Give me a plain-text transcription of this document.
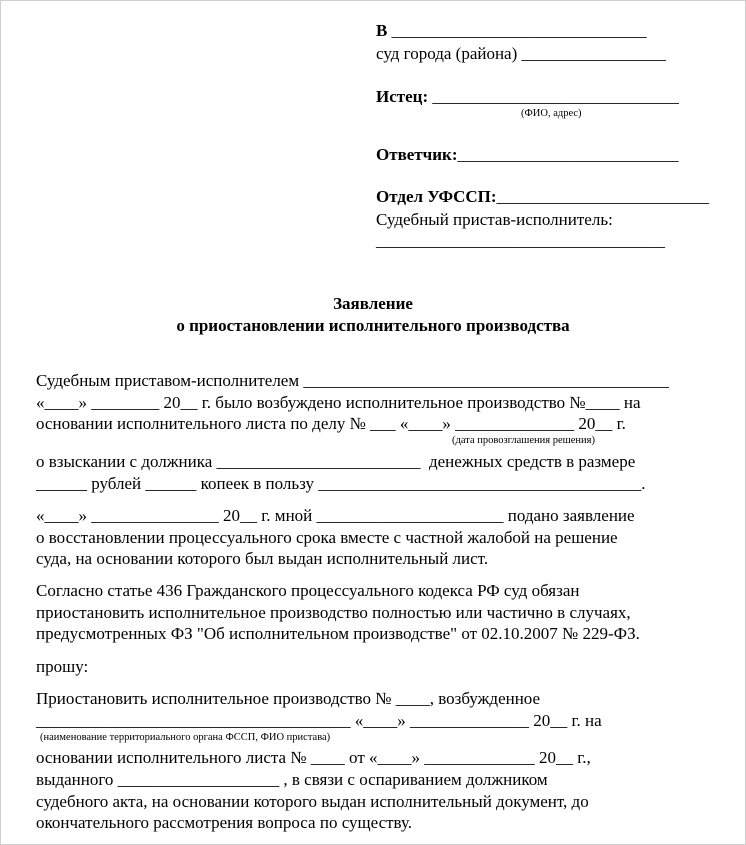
В ______________________________
суд города (района) _________________
Истец: _____________________________
(ФИО, адрес)
Ответчик:__________________________
Отдел УФССП:_________________________
Судебный пристав-исполнитель:
__________________________________
Заявление
о приостановлении исполнительного производства
Судебным приставом-исполнителем ___________________________________________
«____» ________ 20__ г. было возбуждено исполнительное производство №____ на
основании исполнительного листа по делу № ___ «____» ______________ 20__ г.
(дата провозглашения решения)
о взыскании с должника ________________________  денежных средств в размере
______ рублей ______ копеек в пользу ______________________________________.
«____» _______________ 20__ г. мной ______________________ подано заявление
о восстановлении процессуального срока вместе с частной жалобой на решение
суда, на основании которого был выдан исполнительный лист.
Согласно статье 436 Гражданского процессуального кодекса РФ суд обязан
приостановить исполнительное производство полностью или частично в случаях,
предусмотренных ФЗ "Об исполнительном производстве" от 02.10.2007 № 229-ФЗ.
прошу:
Приостановить исполнительное производство № ____, возбужденное
_____________________________________ «____» ______________ 20__ г. на
(наименование территориального органа ФССП, ФИО пристава)
основании исполнительного листа № ____ от «____» _____________ 20__ г.,
выданного ___________________ , в связи с оспариванием должником
судебного акта, на основании которого выдан исполнительный документ, до
окончательного рассмотрения вопроса по существу.
